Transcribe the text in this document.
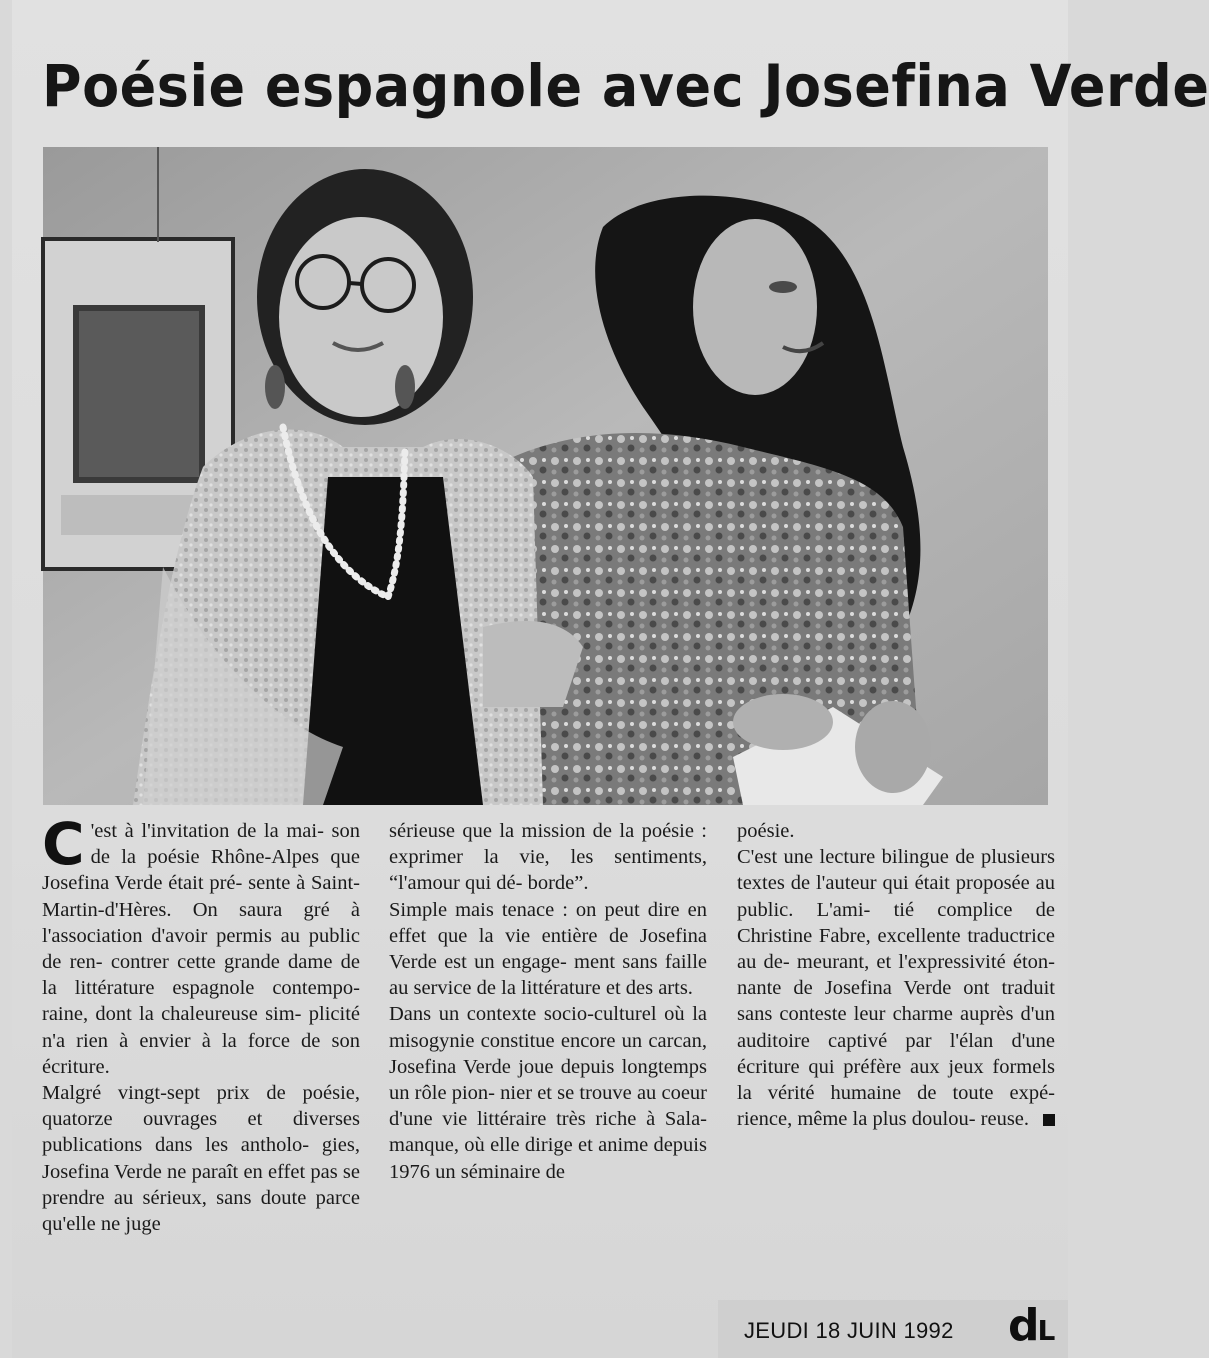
Poésie espagnole avec Josefina Verde

C 'est à l'invitation de la mai- son de la poésie Rhône-Alpes que Josefina Verde était pré- sente à Saint-Martin-d'Hères. On saura gré à l'association d'avoir permis au public de ren- contrer cette grande dame de la littérature espagnole contempo- raine, dont la chaleureuse sim- plicité n'a rien à envier à la force de son écriture.

Malgré vingt-sept prix de poésie, quatorze ouvrages et diverses publications dans les antholo- gies, Josefina Verde ne paraît en effet pas se prendre au sérieux, sans doute parce qu'elle ne juge

sérieuse que la mission de la poésie : exprimer la vie, les sentiments, “l'amour qui dé- borde”.

Simple mais tenace : on peut dire en effet que la vie entière de Josefina Verde est un engage- ment sans faille au service de la littérature et des arts.

Dans un contexte socio-culturel où la misogynie constitue encore un carcan, Josefina Verde joue depuis longtemps un rôle pion- nier et se trouve au coeur d'une vie littéraire très riche à Sala- manque, où elle dirige et anime depuis 1976 un séminaire de

poésie.

C'est une lecture bilingue de plusieurs textes de l'auteur qui était proposée au public. L'ami- tié complice de Christine Fabre, excellente traductrice au de- meurant, et l'expressivité éton- nante de Josefina Verde ont traduit sans conteste leur charme auprès d'un auditoire captivé par l'élan d'une écriture qui préfère aux jeux formels la vérité humaine de toute expé- rience, même la plus doulou- reuse.

JEUDI 18 JUIN 1992 dL
